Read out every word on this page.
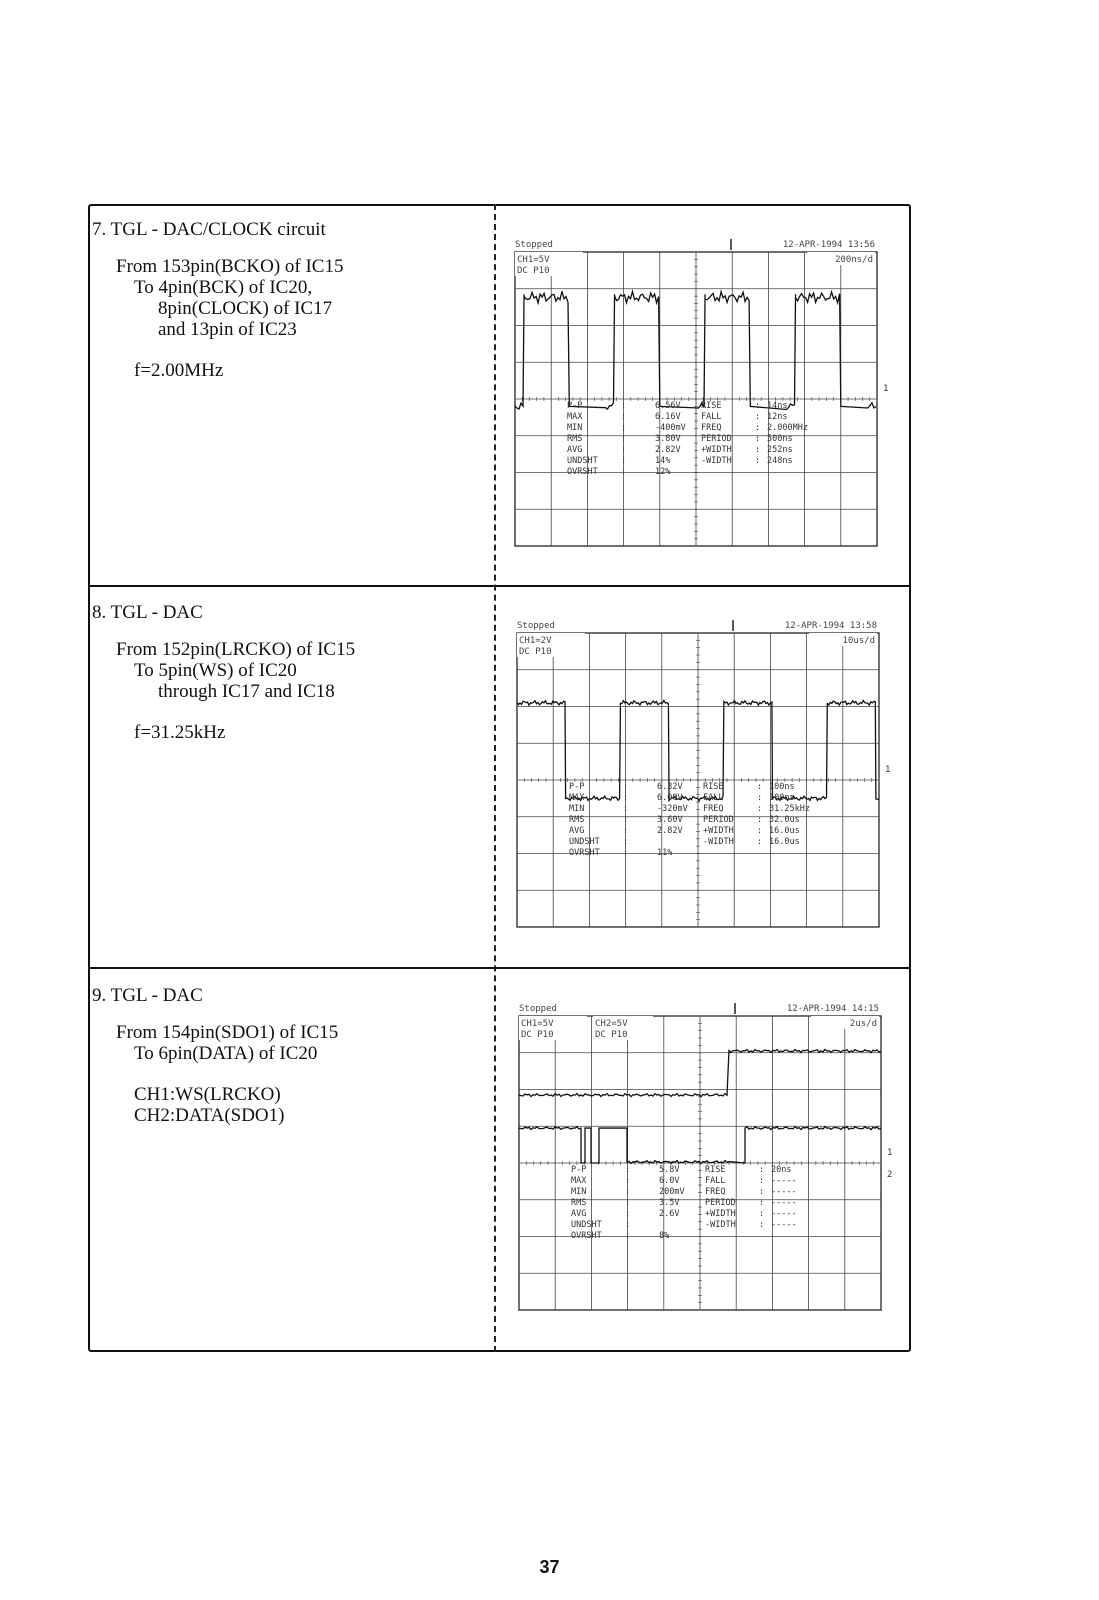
7. TGL - DAC/CLOCK circuit
From 153pin(BCKO) of IC15
To 4pin(BCK) of IC20,
8pin(CLOCK) of IC17
and 13pin of IC23
f=2.00MHz
8. TGL - DAC
From 152pin(LRCKO) of IC15
To 5pin(WS) of IC20
through IC17 and IC18
f=31.25kHz
9. TGL - DAC
From 154pin(SDO1) of IC15
To 6pin(DATA) of IC20
CH1:WS(LRCKO)
CH2:DATA(SDO1)
Stopped	12-APR-1994 13:56
CH1=5V
DC P10
200ns/d
1
P-P	:	6.56V
MAX	:	6.16V
MIN	:	-400mV
RMS	:	3.80V
AVG	:	2.82V
UNDSHT	:	14%
OVRSHT	:	12%
RISE	: 14ns
FALL	: 12ns
FREQ	: 2.000MHz
PERIOD	: 500ns
+WIDTH	: 252ns
-WIDTH	: 248ns
Stopped	12-APR-1994 13:58
CH1=2V
DC P10
10us/d
1
P-P	:	6.32V
MAX	:	6.00V
MIN	:	-320mV
RMS	:	3.60V
AVG	:	2.82V
UNDSHT	:
OVRSHT	:	11%
RISE	: 100ns
FALL	: 100ns
FREQ	: 31.25kHz
PERIOD	: 32.0us
+WIDTH	: 16.0us
-WIDTH	: 16.0us
Stopped	12-APR-1994 14:15
CH1=5V
DC P10
CH2=5V
DC P10
2us/d
1
2
P-P	:	5.8V
MAX	:	6.0V
MIN	:	200mV
RMS	:	3.5V
AVG	:	2.6V
UNDSHT	:
OVRSHT	:	8%
RISE	: 20ns
FALL	: -----
FREQ	: -----
PERIOD	: -----
+WIDTH	: -----
-WIDTH	: -----
37
